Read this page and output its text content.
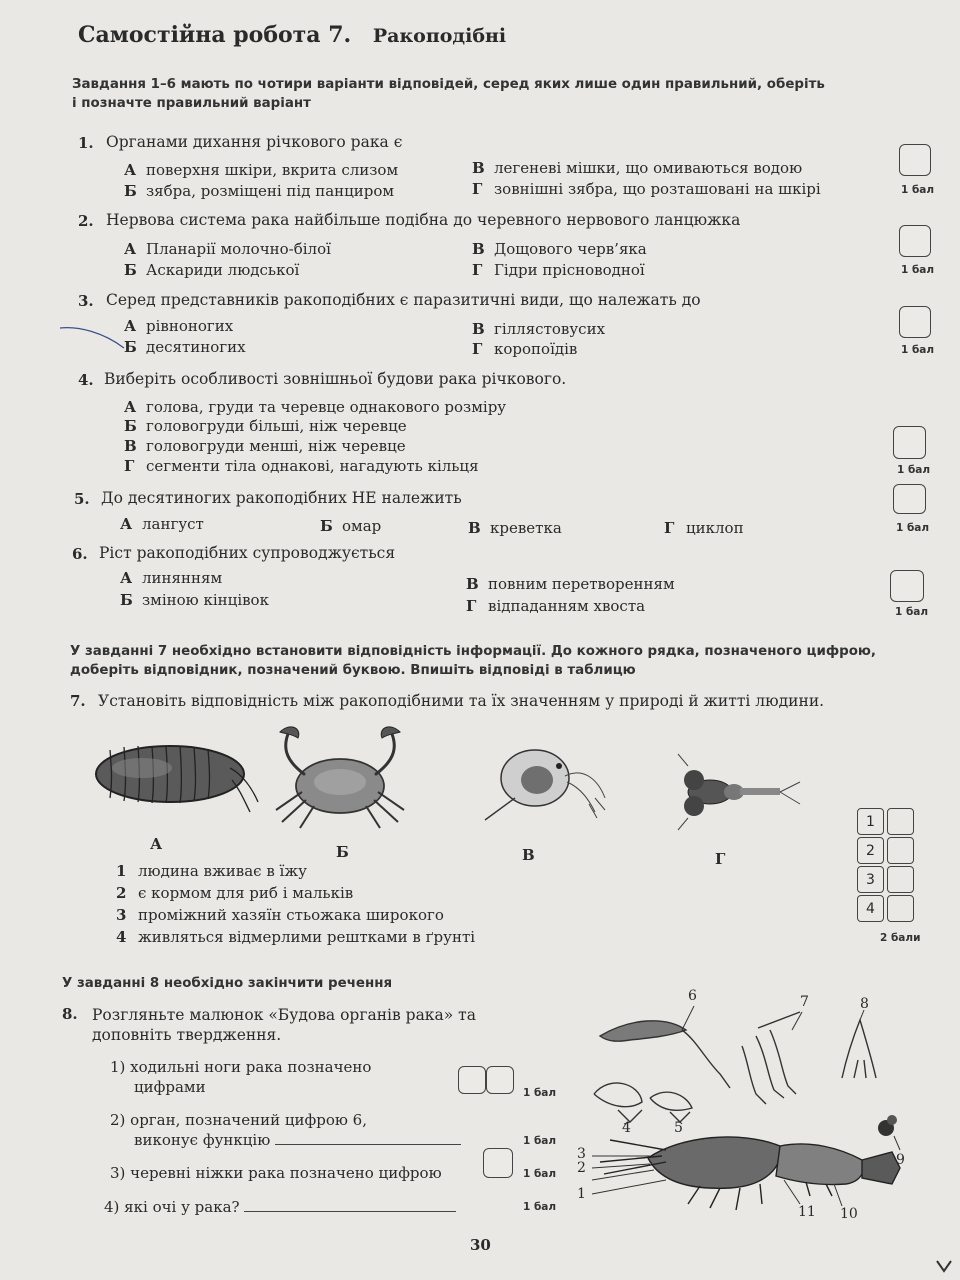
Самостійна робота 7. Ракоподібні
Завдання 1–6 мають по чотири варіанти відповідей, серед яких лише один правильний, оберіть
і позначте правильний варіант
1. Органами дихання річкового рака є
А поверхня шкіри, вкрита слизом
Б зябра, розміщені під панциром
В легеневі мішки, що омиваються водою
Г зовнішні зябра, що розташовані на шкірі	1 бал
2. Нервова система рака найбільше подібна до черевного нервового ланцюжка
А Планарії молочно-білої
Б Аскариди людської
В Дощового черв’яка
Г Гідри прісноводної	1 бал
3. Серед представників ракоподібних є паразитичні види, що належать до
А рівноногих
Б десятиногих
В гіллястовусих
Г коропоїдів	1 бал
4. Виберіть особливості зовнішньої будови рака річкового.
А голова, груди та черевце однакового розміру
Б головогруди більші, ніж черевце
В головогруди менші, ніж черевце
Г сегменти тіла однакові, нагадують кільця	1 бал
5. До десятиногих ракоподібних НЕ належить
А лангуст	Б омар	В креветка	Г циклоп	1 бал
6. Ріст ракоподібних супроводжується
А линянням
Б зміною кінцівок
В повним перетворенням
Г відпаданням хвоста	1 бал
У завданні 7 необхідно встановити відповідність інформації. До кожного рядка, позначеного цифрою,
доберіть відповідник, позначений буквою. Впишіть відповіді в таблицю
7. Установіть відповідність між ракоподібними та їх значенням у природі й житті людини.
А	Б	В	Г
1 людина вживає в їжу
2 є кормом для риб і мальків
3 проміжний хазяїн стьожака широкого
4 живляться відмерлими рештками в ґрунті
1
2
3
4
2 бали
У завданні 8 необхідно закінчити речення
8. Розгляньте малюнок «Будова органів рака» та
доповніть твердження.
1) ходильні ноги рака позначено
цифрами	1 бал
2) орган, позначений цифрою 6,
виконує функцію	1 бал
3) черевні ніжки рака позначено цифрою	1 бал
4) які очі у рака?	1 бал
6	7	8
4	5
3
2
1
9
11 10
30
